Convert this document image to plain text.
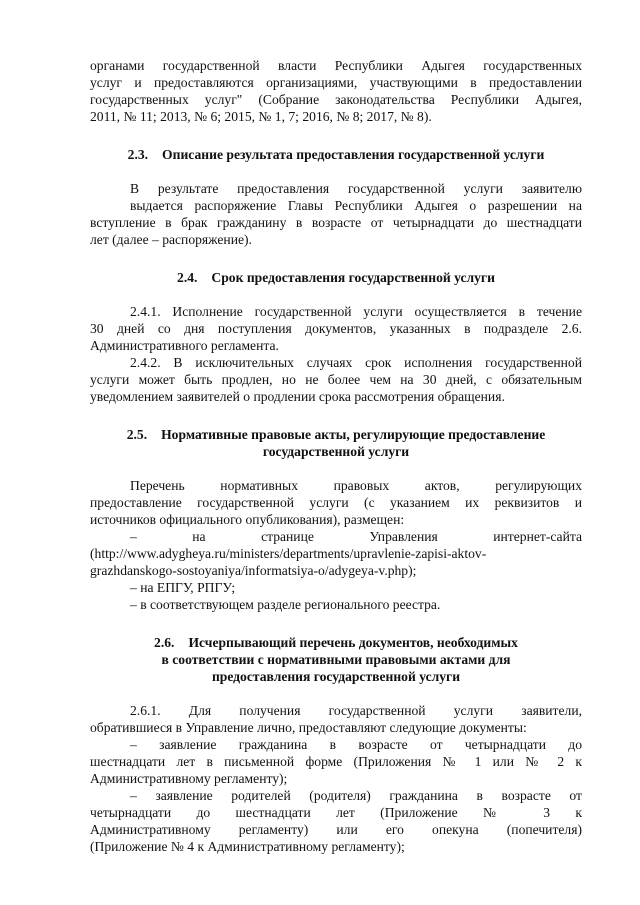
органами государственной власти Республики Адыгея государственных
услуг и предоставляются организациями, участвующими в предоставлении
государственных услуг" (Собрание законодательства Республики Адыгея,
2011, № 11; 2013, № 6; 2015, № 1, 7; 2016, № 8; 2017, № 8).

2.3. Описание результата предоставления государственной услуги

В результате предоставления государственной услуги заявителю
выдается распоряжение Главы Республики Адыгея о разрешении на
вступление в брак гражданину в возрасте от четырнадцати до шестнадцати
лет (далее – распоряжение).

2.4. Срок предоставления государственной услуги

2.4.1. Исполнение государственной услуги осуществляется в течение
30 дней со дня поступления документов, указанных в подразделе 2.6.
Административного регламента.

2.4.2. В исключительных случаях срок исполнения государственной
услуги может быть продлен, но не более чем на 30 дней, с обязательным
уведомлением заявителей о продлении срока рассмотрения обращения.

2.5. Нормативные правовые акты, регулирующие предоставление
государственной услуги

Перечень нормативных правовых актов, регулирующих
предоставление государственной услуги (с указанием их реквизитов и
источников официального опубликования), размещен:

– на странице Управления интернет-сайта
(http://www.adygheya.ru/ministers/departments/upravlenie-zapisi-aktov-
grazhdanskogo-sostoyaniya/informatsiya-o/adygeya-v.php);

– на ЕПГУ, РПГУ;

– в соответствующем разделе регионального реестра.

2.6. Исчерпывающий перечень документов, необходимых
в соответствии с нормативными правовыми актами для
предоставления государственной услуги

2.6.1. Для получения государственной услуги заявители,
обратившиеся в Управление лично, предоставляют следующие документы:

– заявление гражданина в возрасте от четырнадцати до
шестнадцати лет в письменной форме (Приложения № 1 или № 2 к
Административному регламенту);

– заявление родителей (родителя) гражданина в возрасте от
четырнадцати до шестнадцати лет (Приложение № 3 к
Административному регламенту) или его опекуна (попечителя)
(Приложение № 4 к Административному регламенту);
